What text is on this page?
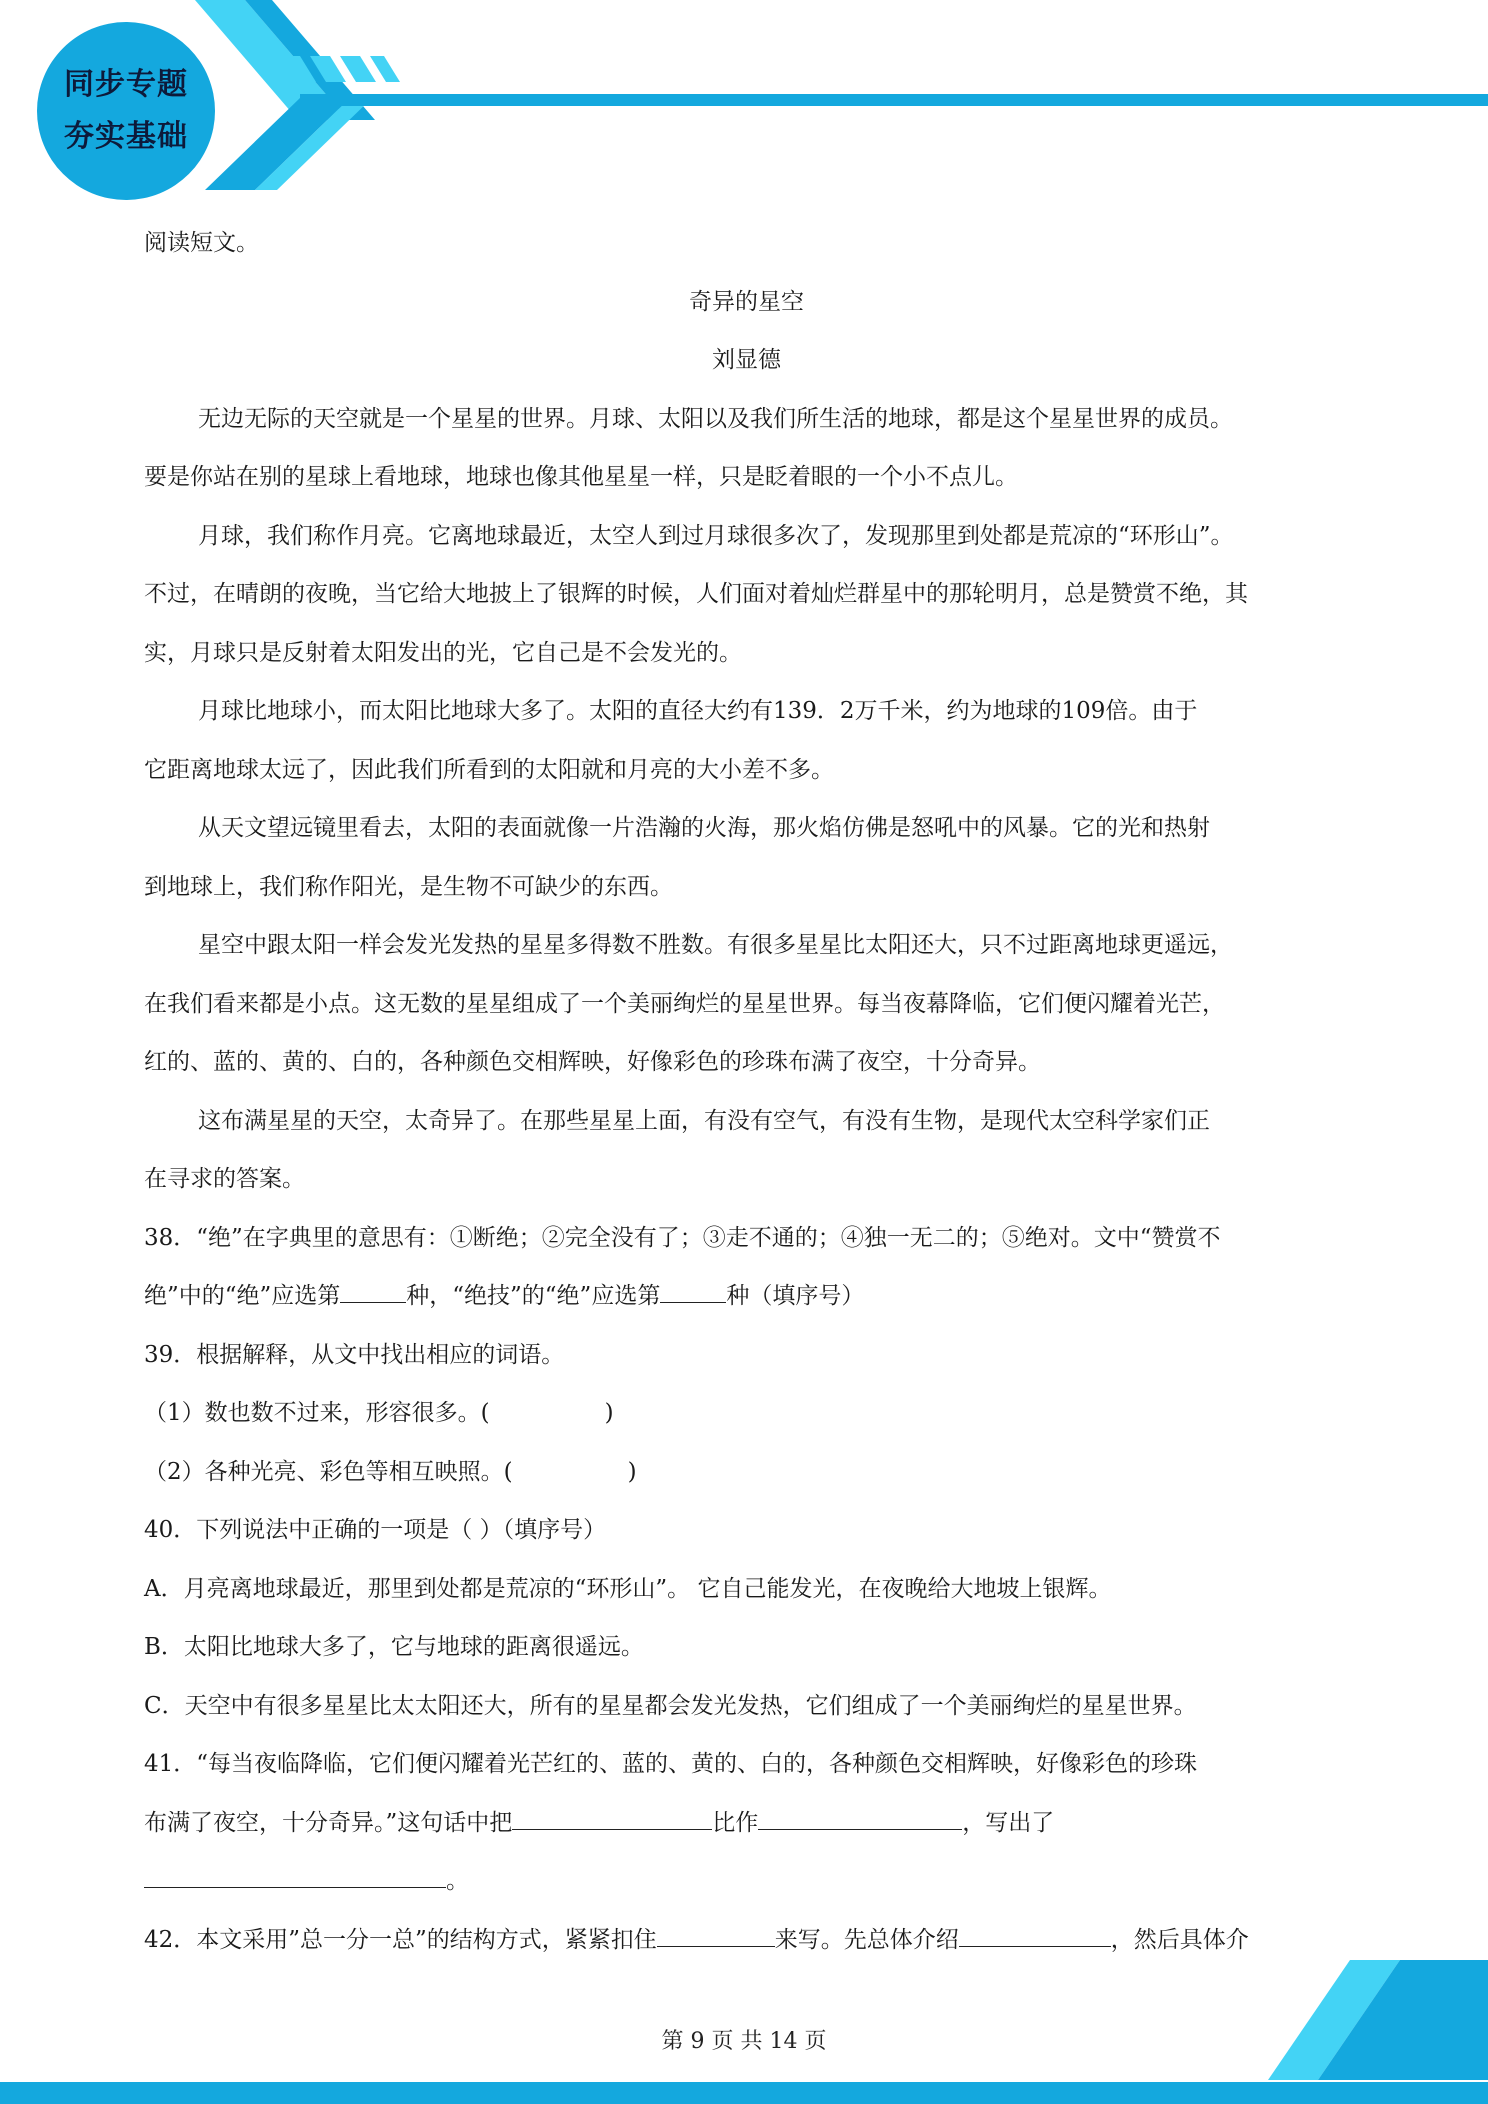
同步专题
夯实基础

阅读短文。

奇异的星空

刘显德

无边无际的天空就是一个星星的世界。月球、太阳以及我们所生活的地球，都是这个星星世界的成员。

要是你站在别的星球上看地球，地球也像其他星星一样，只是眨着眼的一个小不点儿。

月球，我们称作月亮。它离地球最近，太空人到过月球很多次了，发现那里到处都是荒凉的“环形山”。

不过，在晴朗的夜晚，当它给大地披上了银辉的时候，人们面对着灿烂群星中的那轮明月，总是赞赏不绝，其

实，月球只是反射着太阳发出的光，它自己是不会发光的。

月球比地球小，而太阳比地球大多了。太阳的直径大约有139．2万千米，约为地球的109倍。由于

它距离地球太远了，因此我们所看到的太阳就和月亮的大小差不多。

从天文望远镜里看去，太阳的表面就像一片浩瀚的火海，那火焰仿佛是怒吼中的风暴。它的光和热射

到地球上，我们称作阳光，是生物不可缺少的东西。

星空中跟太阳一样会发光发热的星星多得数不胜数。有很多星星比太阳还大，只不过距离地球更遥远，

在我们看来都是小点。这无数的星星组成了一个美丽绚烂的星星世界。每当夜幕降临，它们便闪耀着光芒，

红的、蓝的、黄的、白的，各种颜色交相辉映，好像彩色的珍珠布满了夜空，十分奇异。

这布满星星的天空，太奇异了。在那些星星上面，有没有空气，有没有生物，是现代太空科学家们正

在寻求的答案。

38．“绝”在字典里的意思有：①断绝；②完全没有了；③走不通的；④独一无二的；⑤绝对。文中“赞赏不

绝”中的“绝”应选第	种，“绝技”的“绝”应选第	种（填序号）

39．根据解释，从文中找出相应的词语。

（1）数也数不过来，形容很多。(	)

（2）各种光亮、彩色等相互映照。(	)

40．下列说法中正确的一项是（ ）（填序号）

A．月亮离地球最近，那里到处都是荒凉的“环形山”。 它自己能发光，在夜晚给大地坡上银辉。

B．太阳比地球大多了，它与地球的距离很遥远。

C．天空中有很多星星比太太阳还大，所有的星星都会发光发热，它们组成了一个美丽绚烂的星星世界。

41．“每当夜临降临，它们便闪耀着光芒红的、蓝的、黄的、白的，各种颜色交相辉映，好像彩色的珍珠

布满了夜空，十分奇异。”这句话中把	比作	，写出了

。

42．本文采用”总一分一总”的结构方式，紧紧扣住	来写。先总体介绍	，然后具体介

第 9 页 共 14 页
